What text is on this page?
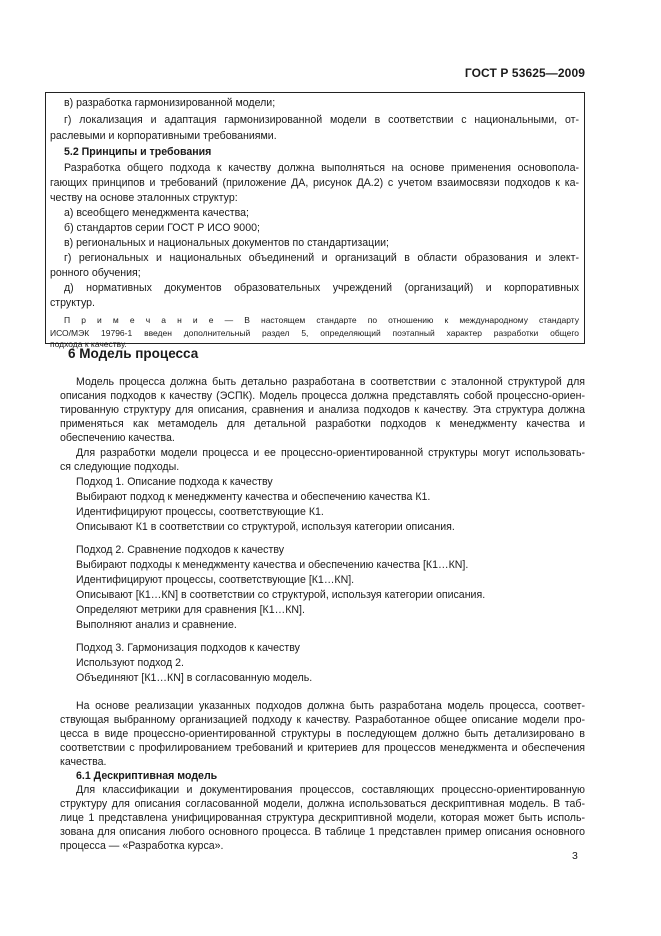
ГОСТ Р 53625—2009
в) разработка гармонизированной модели;
г) локализация и адаптация гармонизированной модели в соответствии с национальными, от-
раслевыми и корпоративными требованиями.
5.2 Принципы и требования
Разработка общего подхода к качеству должна выполняться на основе применения основопола-
гающих принципов и требований (приложение ДА, рисунок ДА.2) с учетом взаимосвязи подходов к ка-
честву на основе эталонных структур:
а) всеобщего менеджмента качества;
б) стандартов серии ГОСТ Р ИСО 9000;
в) региональных и национальных документов по стандартизации;
г) региональных и национальных объединений и организаций в области образования и элект-
ронного обучения;
д) нормативных документов образовательных учреждений (организаций) и корпоративных
структур.
П р и м е ч а н и е — В настоящем стандарте по отношению к международному стандарту
ИСО/МЭК 19796-1 введен дополнительный раздел 5, определяющий поэтапный характер разработки общего
подхода к качеству.
6 Модель процесса
Модель процесса должна быть детально разработана в соответствии с эталонной структурой для
описания подходов к качеству (ЭСПК). Модель процесса должна представлять собой процессно-ориен-
тированную структуру для описания, сравнения и анализа подходов к качеству. Эта структура должна
применяться как метамодель для детальной разработки подходов к менеджменту качества и
обеспечению качества.
Для разработки модели процесса и ее процессно-ориентированной структуры могут использовать-
ся следующие подходы.
Подход 1. Описание подхода к качеству
Выбирают подход к менеджменту качества и обеспечению качества К1.
Идентифицируют процессы, соответствующие К1.
Описывают К1 в соответствии со структурой, используя категории описания.
Подход 2. Сравнение подходов к качеству
Выбирают подходы к менеджменту качества и обеспечению качества [К1…КN].
Идентифицируют процессы, соответствующие [К1…КN].
Описывают [К1…КN] в соответствии со структурой, используя категории описания.
Определяют метрики для сравнения [К1…КN].
Выполняют анализ и сравнение.
Подход 3. Гармонизация подходов к качеству
Используют подход 2.
Объединяют [К1…КN] в согласованную модель.
На основе реализации указанных подходов должна быть разработана модель процесса, соответ-
ствующая выбранному организацией подходу к качеству. Разработанное общее описание модели про-
цесса в виде процессно-ориентированной структуры в последующем должно быть детализировано в
соответствии с профилированием требований и критериев для процессов менеджмента и обеспечения
качества.
6.1 Дескриптивная модель
Для классификации и документирования процессов, составляющих процессно-ориентированную
структуру для описания согласованной модели, должна использоваться дескриптивная модель. В таб-
лице 1 представлена унифицированная структура дескриптивной модели, которая может быть исполь-
зована для описания любого основного процесса. В таблице 1 представлен пример описания основного
процесса — «Разработка курса».
3
